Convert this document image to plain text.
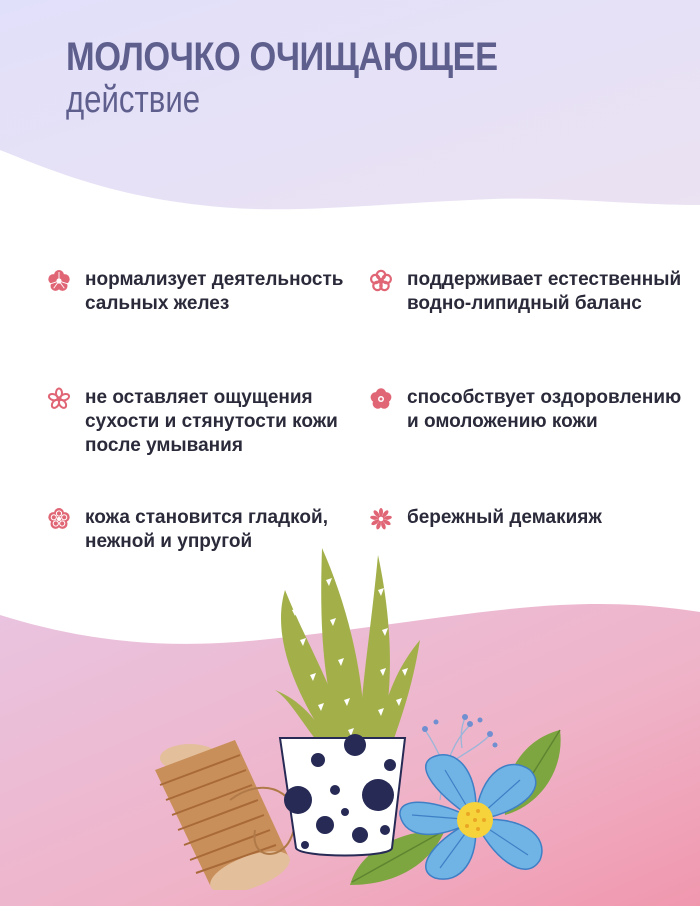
МОЛОЧКО ОЧИЩАЮЩЕЕ
действие
нормализует деятельность
сальных желез
поддерживает естественный
водно-липидный баланс
не оставляет ощущения
сухости и стянутости кожи
после умывания
способствует оздоровлению
и омоложению кожи
кожа становится гладкой,
нежной и упругой
бережный демакияж
